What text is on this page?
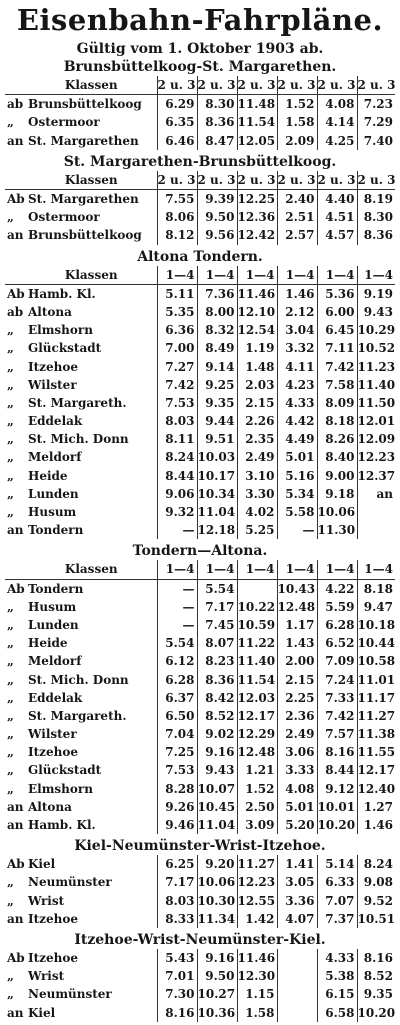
Eisenbahn-Fahrpläne.
Gültig vom 1. Oktober 1903 ab.
Brunsbüttelkoog-St. Margarethen.
	Klassen	2 u. 3	2 u. 3	2 u. 3	2 u. 3	2 u. 3	2 u. 3
ab	Brunsbüttelkoog	6.29	8.30	11.48	1.52	4.08	7.23
„	Ostermoor	6.35	8.36	11.54	1.58	4.14	7.29
an	St. Margarethen	6.46	8.47	12.05	2.09	4.25	7.40
St. Margarethen-Brunsbüttelkoog.
	Klassen	2 u. 3	2 u. 3	2 u. 3	2 u. 3	2 u. 3	2 u. 3
Ab	St. Margarethen	7.55	9.39	12.25	2.40	4.40	8.19
„	Ostermoor	8.06	9.50	12.36	2.51	4.51	8.30
an	Brunsbüttelkoog	8.12	9.56	12.42	2.57	4.57	8.36
Altona Tondern.
	Klassen	1—4	1—4	1—4	1—4	1—4	1—4
Ab	Hamb. Kl.	5.11	7.36	11.46	1.46	5.36	9.19
ab	Altona	5.35	8.00	12.10	2.12	6.00	9.43
„	Elmshorn	6.36	8.32	12.54	3.04	6.45	10.29
„	Glückstadt	7.00	8.49	1.19	3.32	7.11	10.52
„	Itzehoe	7.27	9.14	1.48	4.11	7.42	11.23
„	Wilster	7.42	9.25	2.03	4.23	7.58	11.40
„	St. Margareth.	7.53	9.35	2.15	4.33	8.09	11.50
„	Eddelak	8.03	9.44	2.26	4.42	8.18	12.01
„	St. Mich. Donn	8.11	9.51	2.35	4.49	8.26	12.09
„	Meldorf	8.24	10.03	2.49	5.01	8.40	12.23
„	Heide	8.44	10.17	3.10	5.16	9.00	12.37
„	Lunden	9.06	10.34	3.30	5.34	9.18	an
„	Husum	9.32	11.04	4.02	5.58	10.06	
an	Tondern	—	12.18	5.25	—	11.30	
Tondern—Altona.
	Klassen	1—4	1—4	1—4	1—4	1—4	1—4
Ab	Tondern	—	5.54		10.43	4.22	8.18
„	Husum	—	7.17	10.22	12.48	5.59	9.47
„	Lunden	—	7.45	10.59	1.17	6.28	10.18
„	Heide	5.54	8.07	11.22	1.43	6.52	10.44
„	Meldorf	6.12	8.23	11.40	2.00	7.09	10.58
„	St. Mich. Donn	6.28	8.36	11.54	2.15	7.24	11.01
„	Eddelak	6.37	8.42	12.03	2.25	7.33	11.17
„	St. Margareth.	6.50	8.52	12.17	2.36	7.42	11.27
„	Wilster	7.04	9.02	12.29	2.49	7.57	11.38
„	Itzehoe	7.25	9.16	12.48	3.06	8.16	11.55
„	Glückstadt	7.53	9.43	1.21	3.33	8.44	12.17
„	Elmshorn	8.28	10.07	1.52	4.08	9.12	12.40
an	Altona	9.26	10.45	2.50	5.01	10.01	1.27
an	Hamb. Kl.	9.46	11.04	3.09	5.20	10.20	1.46
Kiel-Neumünster-Wrist-Itzehoe.
Ab	Kiel	6.25	9.20	11.27	1.41	5.14	8.24
„	Neumünster	7.17	10.06	12.23	3.05	6.33	9.08
„	Wrist	8.03	10.30	12.55	3.36	7.07	9.52
an	Itzehoe	8.33	11.34	1.42	4.07	7.37	10.51
Itzehoe-Wrist-Neumünster-Kiel.
Ab	Itzehoe	5.43	9.16	11.46		4.33	8.16
„	Wrist	7.01	9.50	12.30		5.38	8.52
„	Neumünster	7.30	10.27	1.15		6.15	9.35
an	Kiel	8.16	10.36	1.58		6.58	10.20
